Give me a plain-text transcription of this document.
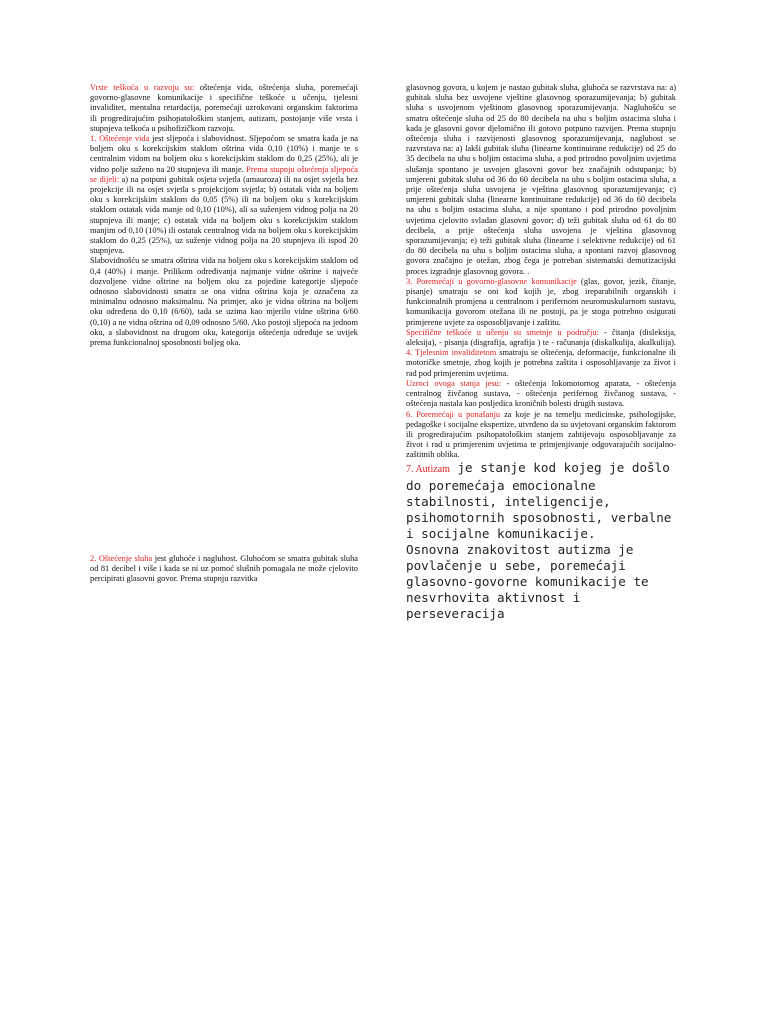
Vrste teškoća u razvoju su: oštećenja vida, oštećenja sluha, poremećaji govorno-glasovne komunikacije i specifične teškoće u učenju, tjelesni invaliditet, mentalna retardacija, poremećaji uzrokovani organskim faktorima ili progredirajućim psihopatološkim stanjem, autizam, postojanje više vrsta i stupnjeva teškoća u psihofizičkom razvoju.

1. Oštećenje vida jest sljepoća i slabovidnost. Sljepoćom se smatra kada je na boljem oku s korekcijskim staklom oštrina vida 0,10 (10%) i manje te s centralnim vidom na boljem oku s korekcijskim staklom do 0,25 (25%), ali je vidno polje suženo na 20 stupnjeva ili manje. Prema stupnju oštećenja sljepoća se dijeli: a) na potpuni gubitak osjeta svjetla (amauroza) ili na osjet svjetla bez projekcije ili na osjet svjetla s projekcijom svjetla; b) ostatak vida na boljem oku s korekcijskim staklom do 0,05 (5%) ili na boljem oku s korekcijskim staklom ostatak vida manje od 0,10 (10%), ali sa suženjem vidnog polja na 20 stupnjeva ili manje; c) ostatak vida na boljem oku s korekcijskim staklom manjim od 0,10 (10%) ili ostatak centralnog vida na boljem oku s korekcijskim staklom do 0,25 (25%), uz suženje vidnog polja na 20 stupnjeva ili ispod 20 stupnjeva.

Slabovidnošću se smatra oštrina vida na boljem oku s korekcijskim staklom od 0,4 (40%) i manje. Prilikom određivanja najmanje vidne oštrine i najveće dozvoljene vidne oštrine na boljem oku za pojedine kategorije sljepoće odnosno slabovidnosti smatra se ona vidna oštrina koja je označena za minimalnu odnosno maksimalnu. Na primjer, ako je vidna oštrina na boljem oku određena do 0,10 (6/60), tada se uzima kao mjerilo vidne oštrina 6/60 (0,10) a ne vidna oštrina od 0,09 odnosno 5/60. Ako postoji sljepoća na jednom oku, a slabovidnost na drugom oku, kategorija oštećenja određuje se uvijek prema funkcionalnoj sposobnosti boljeg oka.

2. Oštećenje sluha jest gluhoće i nagluhost. Gluhoćom se smatra gubitak sluha od 81 decibel i više i kada se ni uz pomoć slušnih pomagala ne može cjelovito percipirati glasovni govor. Prema stupnju razvitka

glasovnog govora, u kojem je nastao gubitak sluha, gluhoća se razvrstava na: a) gubitak sluha bez usvojene vještine glasovnog sporazumijevanja; b) gubitak sluha s usvojenom vještinom glasovnog sporazumijevanja. Nagluhošću se smatra oštećenje sluha od 25 do 80 decibela na uhu s boljim ostacima sluha i kada je glasovni govor djelomično ili gotovo potpuno razvijen. Prema stupnju oštećenja sluha i razvijenosti glasovnog sporazumijevanja, nagluhost se razvrstava na: a) lakši gubitak sluha (linearne kontinuirane redukcije) od 25 do 35 decibela na uhu s boljim ostacima sluha, a pod prirodno povoljnim uvjetima slušanja spontano je usvojen glasovni govor bez značajnih odstupanja; b) umjereni gubitak sluha od 36 do 60 decibela na uhu s boljim ostacima sluha, a prije oštećenja sluha usvojena je vještina glasovnog sporazumijevanja; c) umjereni gubitak sluha (linearne kontinuirane redukcije) od 36 do 60 decibela na uhu s boljim ostacima sluha, a nije spontano i pod prirodno povoljnim uvjetima cjelovito svladan glasovni govor; d) teži gubitak sluha od 61 do 80 decibela, a prije oštećenja sluha usvojena je vještina glasovnog sporazumijevanja; e) teži gubitak sluha (linearne i selektivne redukcije) od 61 do 80 decibela na uhu s boljim ostacima sluha, a spontani razvoj glasovnog govora značajno je otežan, zbog čega je potreban sistematski demutizacijski proces izgradnje glasovnog govora. .

3. Poremećaji u govorno-glasovne komunikacije (glas, govor, jezik, čitanje, pisanje) smatraju se oni kod kojih je, zbog ireparabilnih organskih i funkcionalnih promjena u centralnom i perifernom neuromuskularnom sustavu, komunikacija govorom otežana ili ne postoji, pa je stoga potrebno osigurati primjerene uvjete za osposobljavanje i zaštitu.

Specifične teškoće u učenju su smetnje u području: - čitanja (disleksija, aleksija), - pisanja (disgrafija, agrafija ) te - računanja (diskalkulija, akalkulija). 4. Tjelesnim invaliditetom smatraju se oštećenja, deformacije, funkcionalne ili motoričke smetnje, zbog kojih je potrebna zaštita i osposobljavanje za život i rad pod primjerenim uvjetima.

Uzroci ovoga stanja jesu: - oštećenja lokomotornog aparata, - oštećenja centralnog živčanog sustava, - oštećenja perifernog živčanog sustava, - oštećenja nastala kao posljedica kroničnih bolesti drugih sustava.

6. Poremećaji u ponašanju za koje je na temelju medicinske, psihologijske, pedagoške i socijalne ekspertize, utvrđeno da su uvjetovani organskim faktorom ili progredirajućim psihopatološkim stanjem zahtijevaju osposobljavanje za život i rad u primjerenim uvjetima te primjenjivanje odgovarajućih socijalno-zaštitnih oblika.

7. Autizam je stanje kod kojeg je došlo do poremećaja emocionalne stabilnosti, inteligencije, psihomotornih sposobnosti, verbalne i socijalne komunikacije.

Osnovna znakovitost autizma je povlačenje u sebe, poremećaji glasovno-govorne komunikacije te nesvrhovita aktivnost i perseveracija
